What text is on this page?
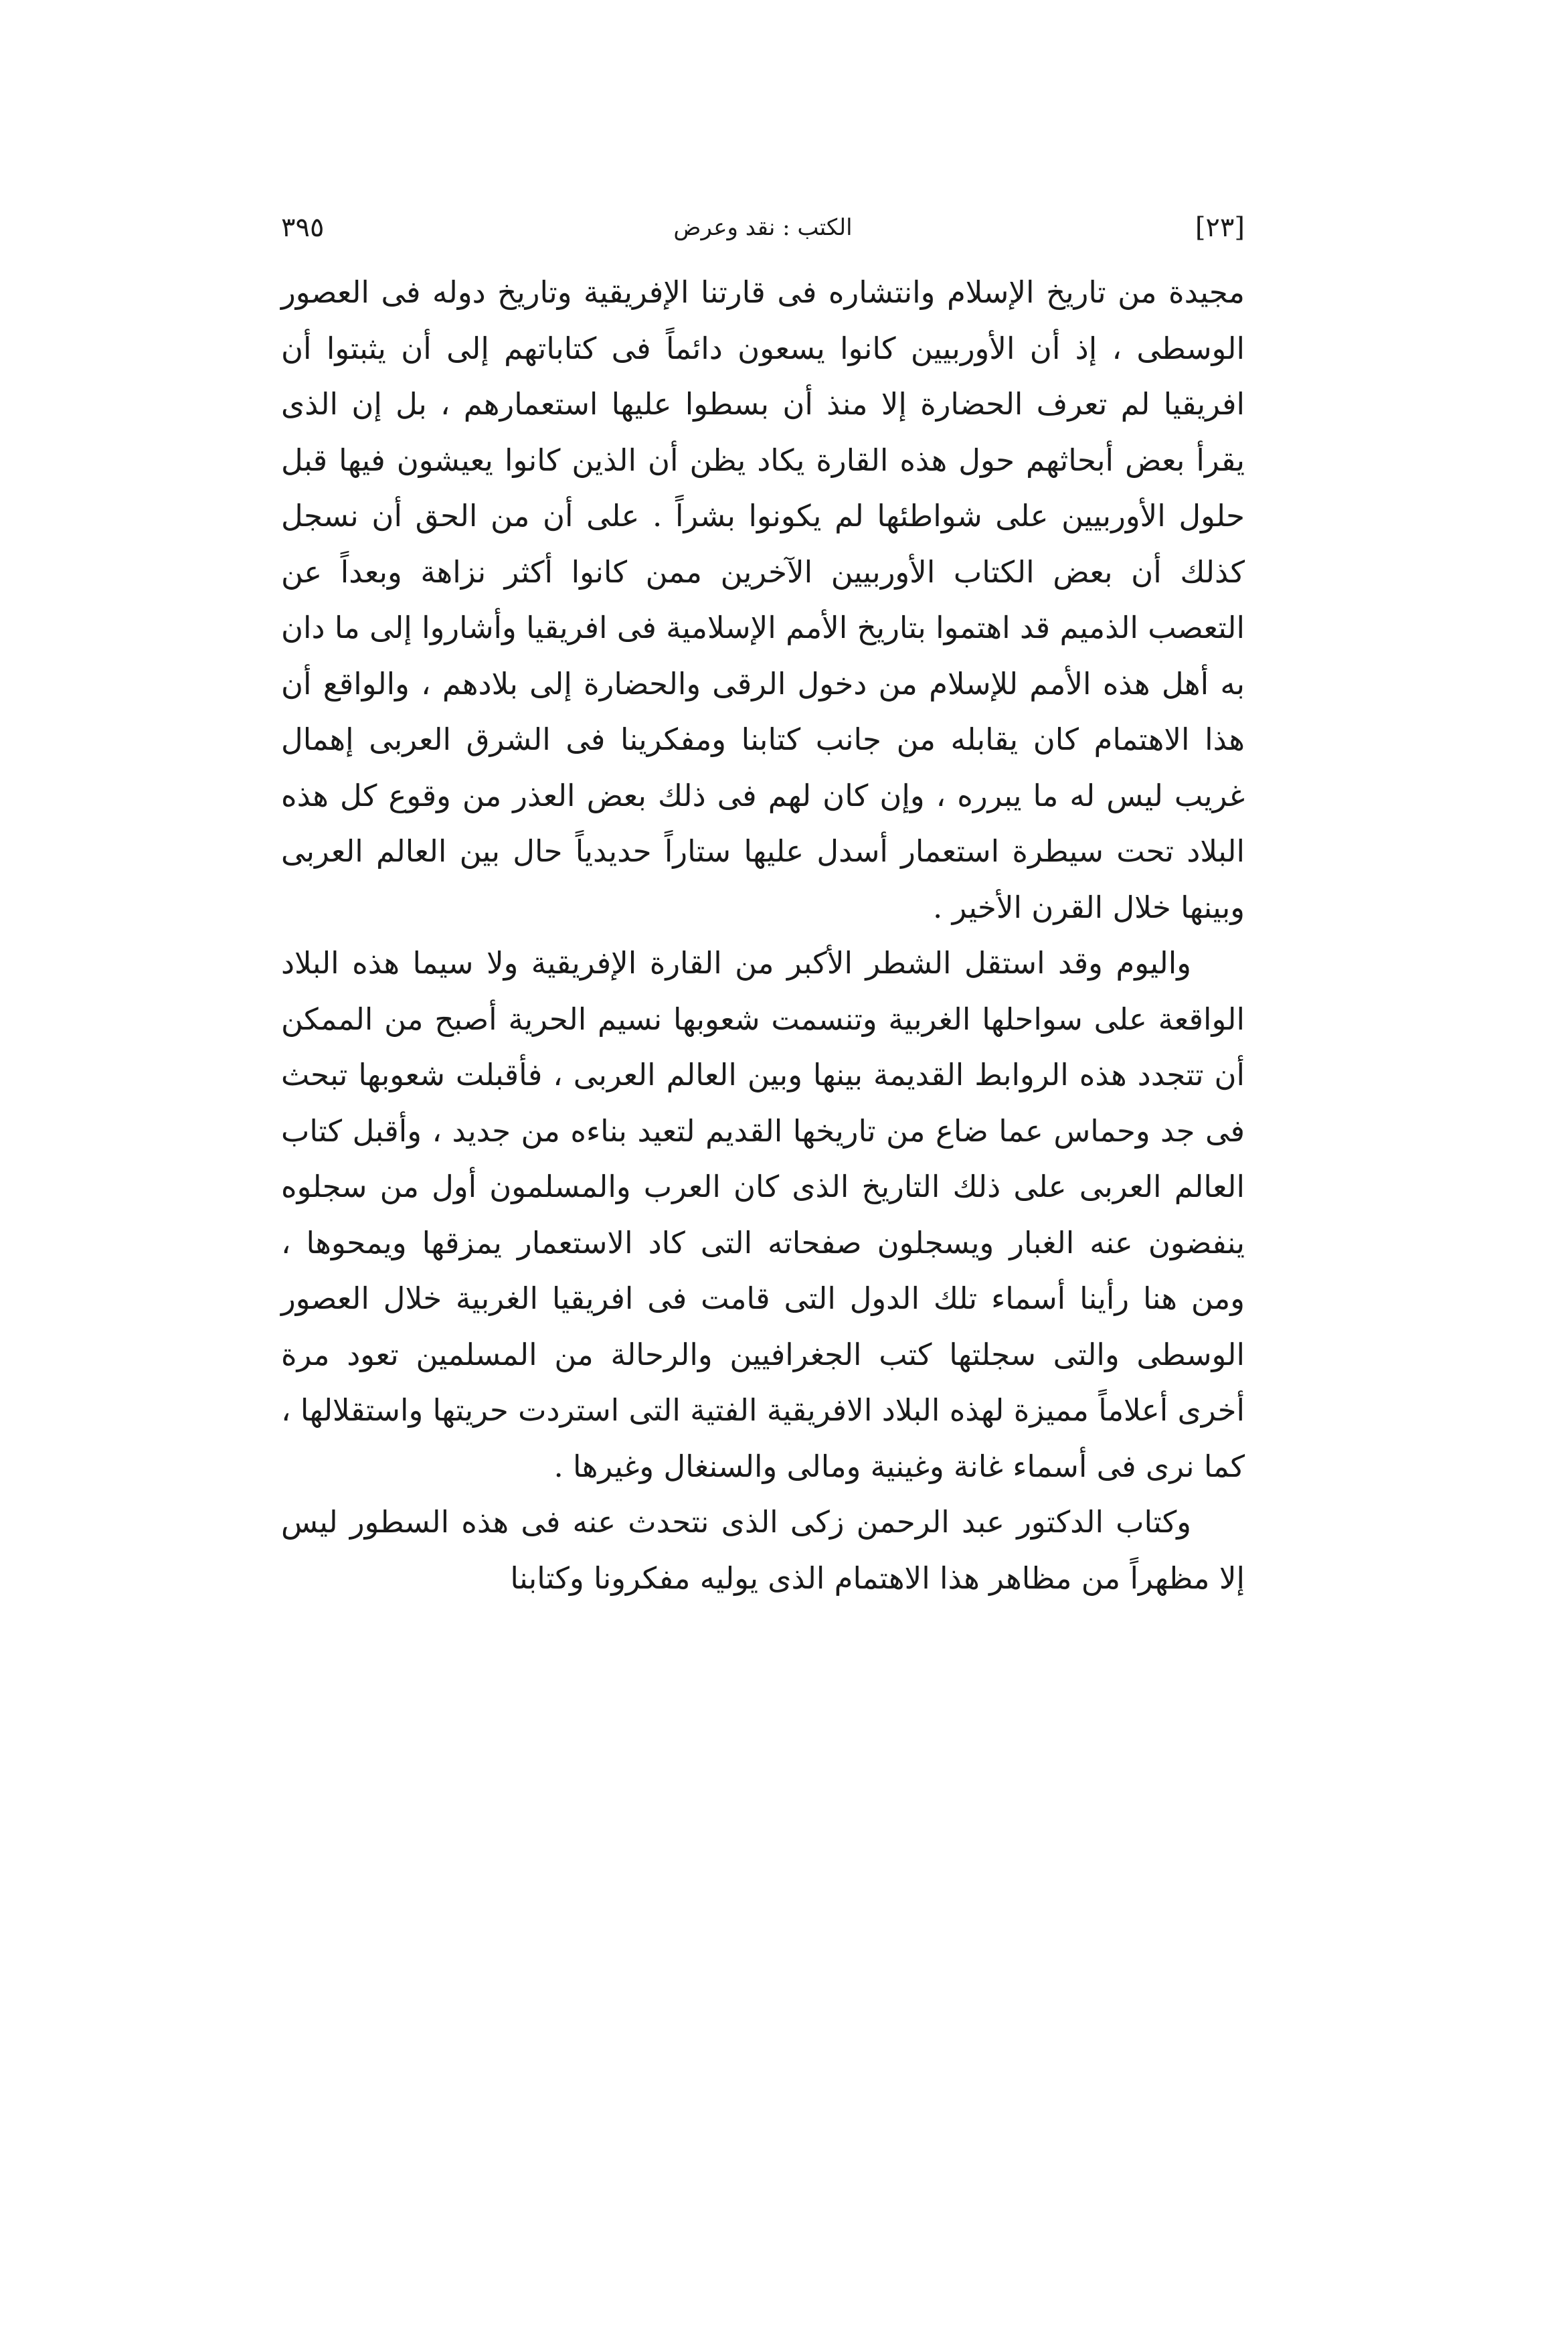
٣٩٥	الكتب : نقد وعرض	[٢٣]

مجيدة من تاريخ الإسلام وانتشاره فى قارتنا الإفريقية وتاريخ دوله فى العصور الوسطى ، إذ أن الأوربيين كانوا يسعون دائماً فى كتاباتهم إلى أن يثبتوا أن افريقيا لم تعرف الحضارة إلا منذ أن بسطوا عليها استعمارهم ، بل إن الذى يقرأ بعض أبحاثهم حول هذه القارة يكاد يظن أن الذين كانوا يعيشون فيها قبل حلول الأوربيين على شواطئها لم يكونوا بشراً . على أن من الحق أن نسجل كذلك أن بعض الكتاب الأوربيين الآخرين ممن كانوا أكثر نزاهة وبعداً عن التعصب الذميم قد اهتموا بتاريخ الأمم الإسلامية فى افريقيا وأشاروا إلى ما دان به أهل هذه الأمم للإسلام من دخول الرقى والحضارة إلى بلادهم ، والواقع أن هذا الاهتمام كان يقابله من جانب كتابنا ومفكرينا فى الشرق العربى إهمال غريب ليس له ما يبرره ، وإن كان لهم فى ذلك بعض العذر من وقوع كل هذه البلاد تحت سيطرة استعمار أسدل عليها ستاراً حديدياً حال بين العالم العربى وبينها خلال القرن الأخير .

واليوم وقد استقل الشطر الأكبر من القارة الإفريقية ولا سيما هذه البلاد الواقعة على سواحلها الغربية وتنسمت شعوبها نسيم الحرية أصبح من الممكن أن تتجدد هذه الروابط القديمة بينها وبين العالم العربى ، فأقبلت شعوبها تبحث فى جد وحماس عما ضاع من تاريخها القديم لتعيد بناءه من جديد ، وأقبل كتاب العالم العربى على ذلك التاريخ الذى كان العرب والمسلمون أول من سجلوه ينفضون عنه الغبار ويسجلون صفحاته التى كاد الاستعمار يمزقها ويمحوها ، ومن هنا رأينا أسماء تلك الدول التى قامت فى افريقيا الغربية خلال العصور الوسطى والتى سجلتها كتب الجغرافيين والرحالة من المسلمين تعود مرة أخرى أعلاماً مميزة لهذه البلاد الافريقية الفتية التى استردت حريتها واستقلالها ، كما نرى فى أسماء غانة وغينية ومالى والسنغال وغيرها .

وكتاب الدكتور عبد الرحمن زكى الذى نتحدث عنه فى هذه السطور ليس إلا مظهراً من مظاهر هذا الاهتمام الذى يوليه مفكرونا وكتابنا
